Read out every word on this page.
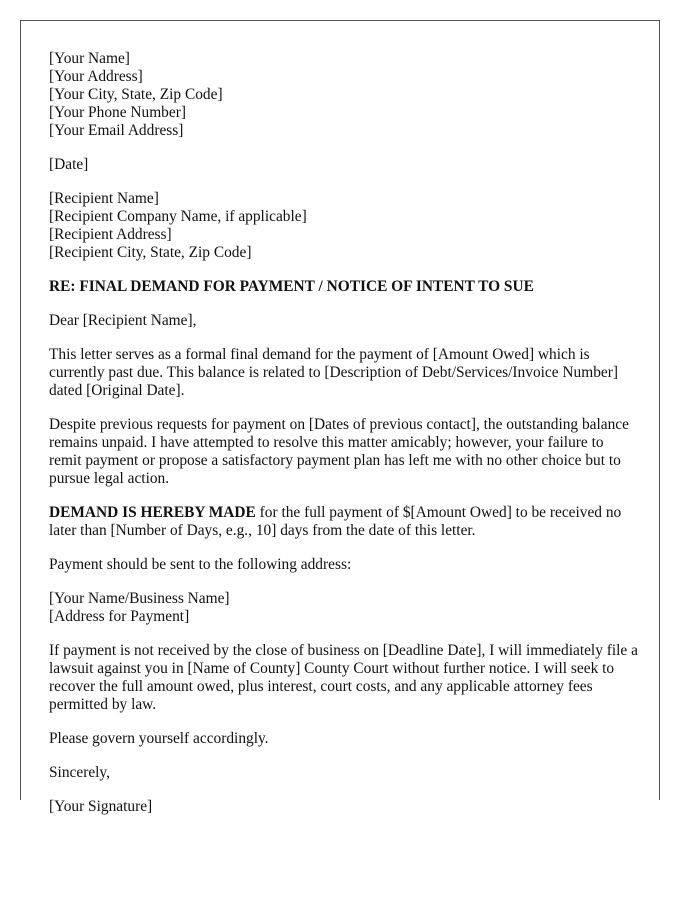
[Your Name]
[Your Address]
[Your City, State, Zip Code]
[Your Phone Number]
[Your Email Address]
[Date]
[Recipient Name]
[Recipient Company Name, if applicable]
[Recipient Address]
[Recipient City, State, Zip Code]
RE: FINAL DEMAND FOR PAYMENT / NOTICE OF INTENT TO SUE

Dear [Recipient Name],

This letter serves as a formal final demand for the payment of [Amount Owed] which is currently past due. This balance is related to [Description of Debt/Services/Invoice Number] dated [Original Date].

Despite previous requests for payment on [Dates of previous contact], the outstanding balance remains unpaid. I have attempted to resolve this matter amicably; however, your failure to remit payment or propose a satisfactory payment plan has left me with no other choice but to pursue legal action.

DEMAND IS HEREBY MADE for the full payment of $[Amount Owed] to be received no later than [Number of Days, e.g., 10] days from the date of this letter.

Payment should be sent to the following address:

[Your Name/Business Name]
[Address for Payment]

If payment is not received by the close of business on [Deadline Date], I will immediately file a lawsuit against you in [Name of County] County Court without further notice. I will seek to recover the full amount owed, plus interest, court costs, and any applicable attorney fees permitted by law.

Please govern yourself accordingly.

Sincerely,

[Your Signature]
